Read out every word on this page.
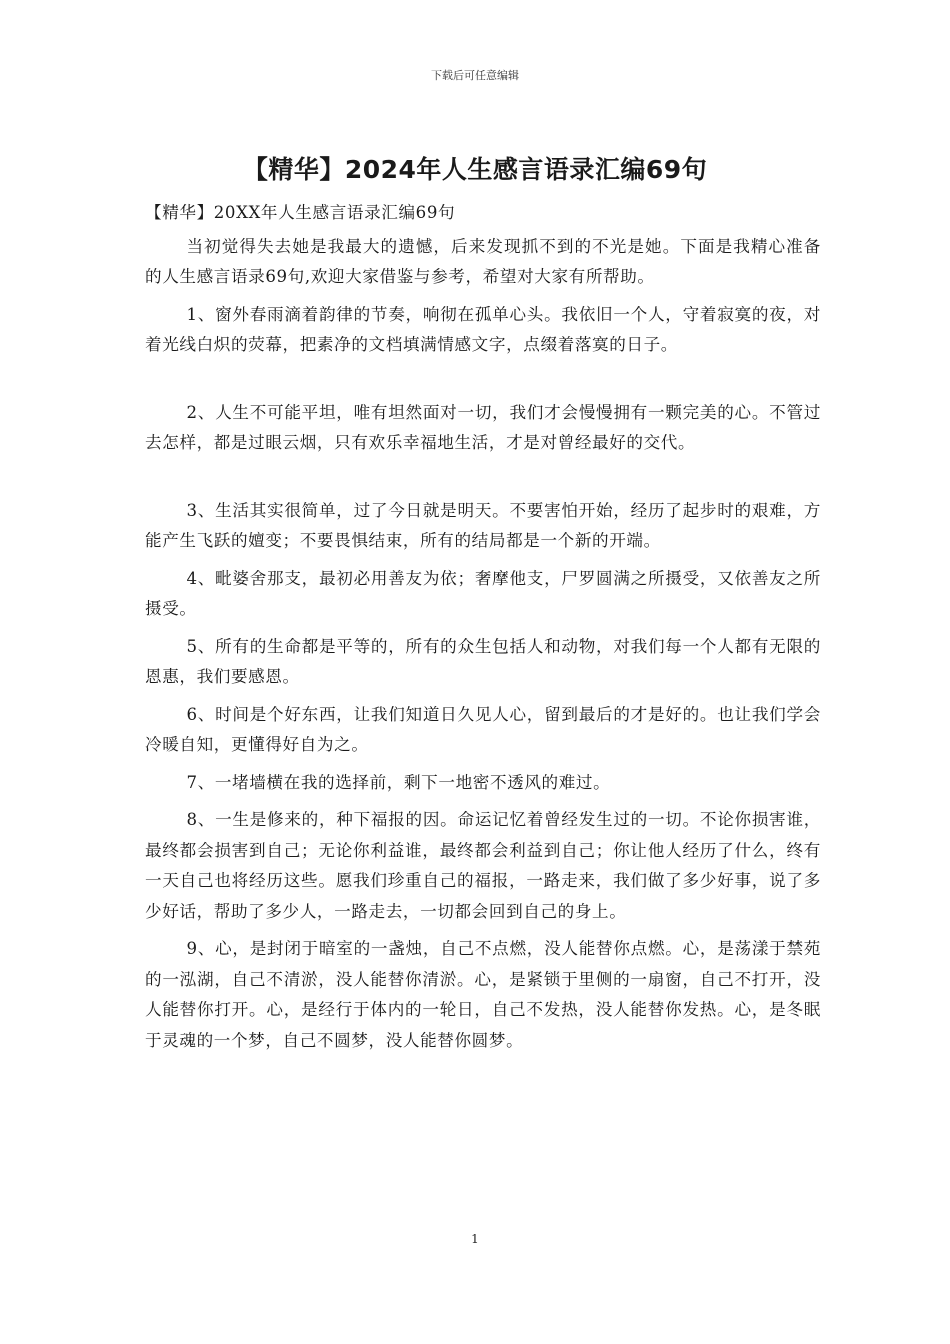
下载后可任意编辑
【精华】2024年人生感言语录汇编69句

【精华】20XX年人生感言语录汇编69句

当初觉得失去她是我最大的遗憾，后来发现抓不到的不光是她。下面是我精心准备的人生感言语录69句,欢迎大家借鉴与参考，希望对大家有所帮助。

1、窗外春雨滴着韵律的节奏，响彻在孤单心头。我依旧一个人，守着寂寞的夜，对着光线白炽的荧幕，把素净的文档填满情感文字，点缀着落寞的日子。

2、人生不可能平坦，唯有坦然面对一切，我们才会慢慢拥有一颗完美的心。不管过去怎样，都是过眼云烟，只有欢乐幸福地生活，才是对曾经最好的交代。

3、生活其实很简单，过了今日就是明天。不要害怕开始，经历了起步时的艰难，方能产生飞跃的嬗变；不要畏惧结束，所有的结局都是一个新的开端。

4、毗婆舍那支，最初必用善友为依；奢摩他支，尸罗圆满之所摄受，又依善友之所摄受。

5、所有的生命都是平等的，所有的众生包括人和动物，对我们每一个人都有无限的恩惠，我们要感恩。

6、时间是个好东西，让我们知道日久见人心，留到最后的才是好的。也让我们学会冷暖自知，更懂得好自为之。

7、一堵墙横在我的选择前，剩下一地密不透风的难过。

8、一生是修来的，种下福报的因。命运记忆着曾经发生过的一切。不论你损害谁，最终都会损害到自己；无论你利益谁，最终都会利益到自己；你让他人经历了什么，终有一天自己也将经历这些。愿我们珍重自己的福报，一路走来，我们做了多少好事，说了多少好话，帮助了多少人，一路走去，一切都会回到自己的身上。

9、心，是封闭于暗室的一盏烛，自己不点燃，没人能替你点燃。心，是荡漾于禁苑的一泓湖，自己不清淤，没人能替你清淤。心，是紧锁于里侧的一扇窗，自己不打开，没人能替你打开。心，是经行于体内的一轮日，自己不发热，没人能替你发热。心，是冬眠于灵魂的一个梦，自己不圆梦，没人能替你圆梦。

1
